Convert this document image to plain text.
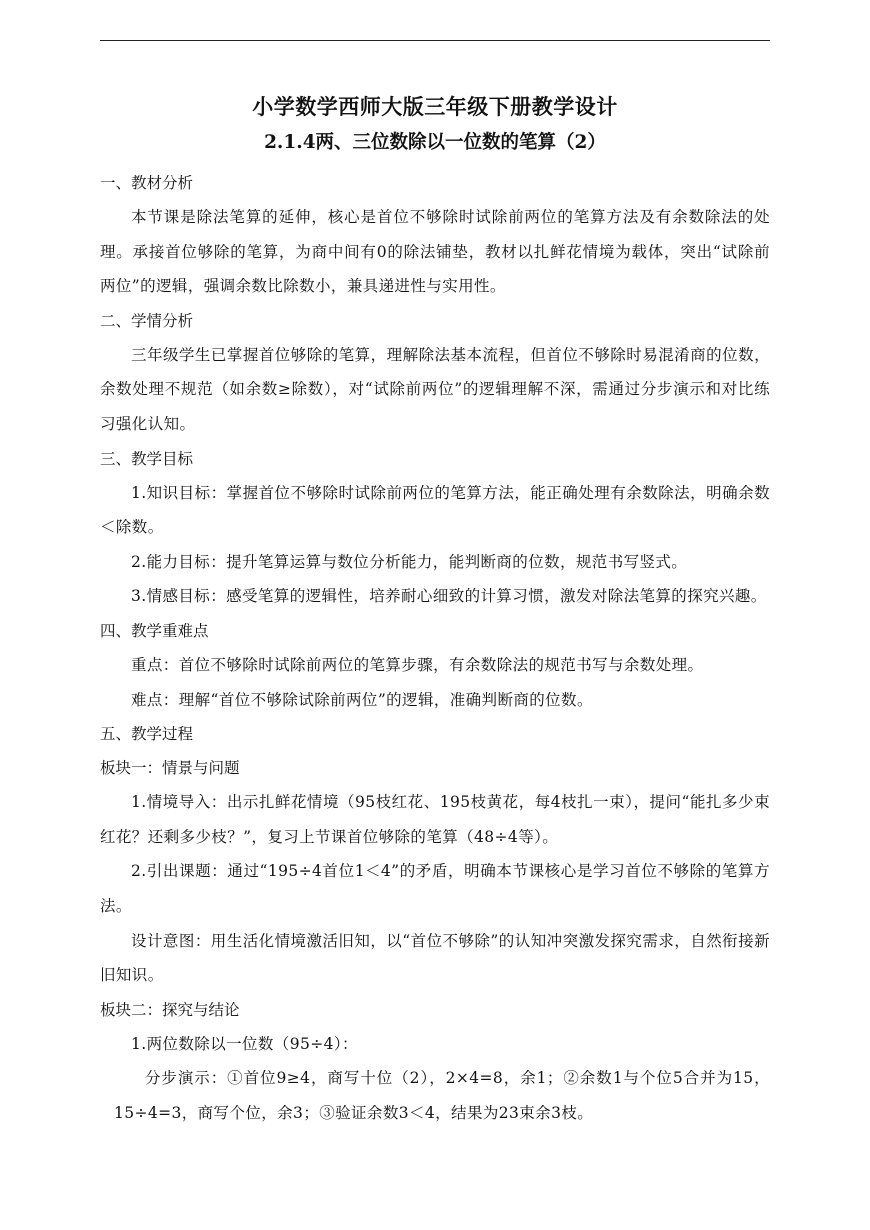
小学数学西师大版三年级下册教学设计
2.1.4两、三位数除以一位数的笔算（2）
一、教材分析

本节课是除法笔算的延伸，核心是首位不够除时试除前两位的笔算方法及有余数除法的处理。承接首位够除的笔算，为商中间有0的除法铺垫，教材以扎鲜花情境为载体，突出“试除前两位”的逻辑，强调余数比除数小，兼具递进性与实用性。

二、学情分析

三年级学生已掌握首位够除的笔算，理解除法基本流程，但首位不够除时易混淆商的位数，余数处理不规范（如余数≥除数），对“试除前两位”的逻辑理解不深，需通过分步演示和对比练习强化认知。

三、教学目标

1.知识目标：掌握首位不够除时试除前两位的笔算方法，能正确处理有余数除法，明确余数＜除数。

2.能力目标：提升笔算运算与数位分析能力，能判断商的位数，规范书写竖式。

3.情感目标：感受笔算的逻辑性，培养耐心细致的计算习惯，激发对除法笔算的探究兴趣。

四、教学重难点

重点：首位不够除时试除前两位的笔算步骤，有余数除法的规范书写与余数处理。

难点：理解“首位不够除试除前两位”的逻辑，准确判断商的位数。

五、教学过程
板块一：情景与问题

1.情境导入：出示扎鲜花情境（95枝红花、195枝黄花，每4枝扎一束），提问“能扎多少束红花？还剩多少枝？”，复习上节课首位够除的笔算（48÷4等）。

2.引出课题：通过“195÷4首位1＜4”的矛盾，明确本节课核心是学习首位不够除的笔算方法。

设计意图：用生活化情境激活旧知，以“首位不够除”的认知冲突激发探究需求，自然衔接新旧知识。

板块二：探究与结论

1.两位数除以一位数（95÷4）：

分步演示：①首位9≥4，商写十位（2），2×4=8，余1；②余数1与个位5合并为15，15÷4=3，商写个位，余3；③验证余数3＜4，结果为23束余3枝。
